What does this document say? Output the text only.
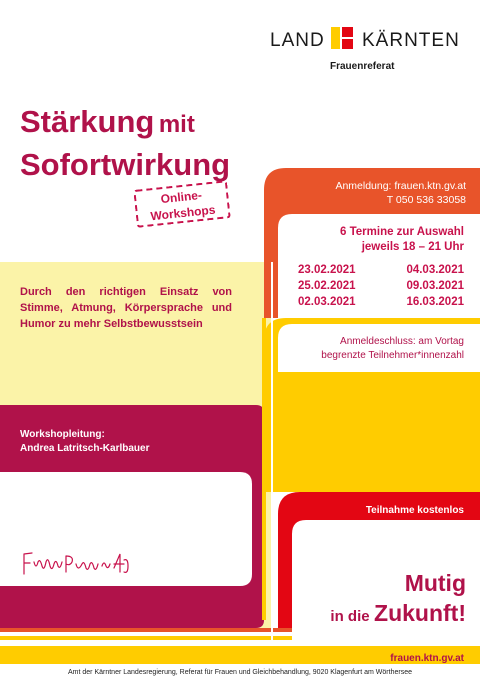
LAND KÄRNTEN
Frauenreferat
Stärkung mit
Sofortwirkung
Online-
Workshops
Durch den richtigen Einsatz von Stimme, Atmung, Körpersprache und Humor zu mehr Selbstbewusstsein
Anmeldung: frauen.ktn.gv.at
T 050 536 33058
6 Termine zur Auswahl
jeweils 18 – 21 Uhr
23.02.2021	04.03.2021
25.02.2021	09.03.2021
02.03.2021	16.03.2021
Anmeldeschluss: am Vortag
begrenzte Teilnehmer*innenzahl
Workshopleitung:
Andrea Latritsch-Karlbauer
Teilnahme kostenlos
Mutig
in die Zukunft!
frauen.ktn.gv.at
Amt der Kärntner Landesregierung, Referat für Frauen und Gleichbehandlung, 9020 Klagenfurt am Wörthersee
